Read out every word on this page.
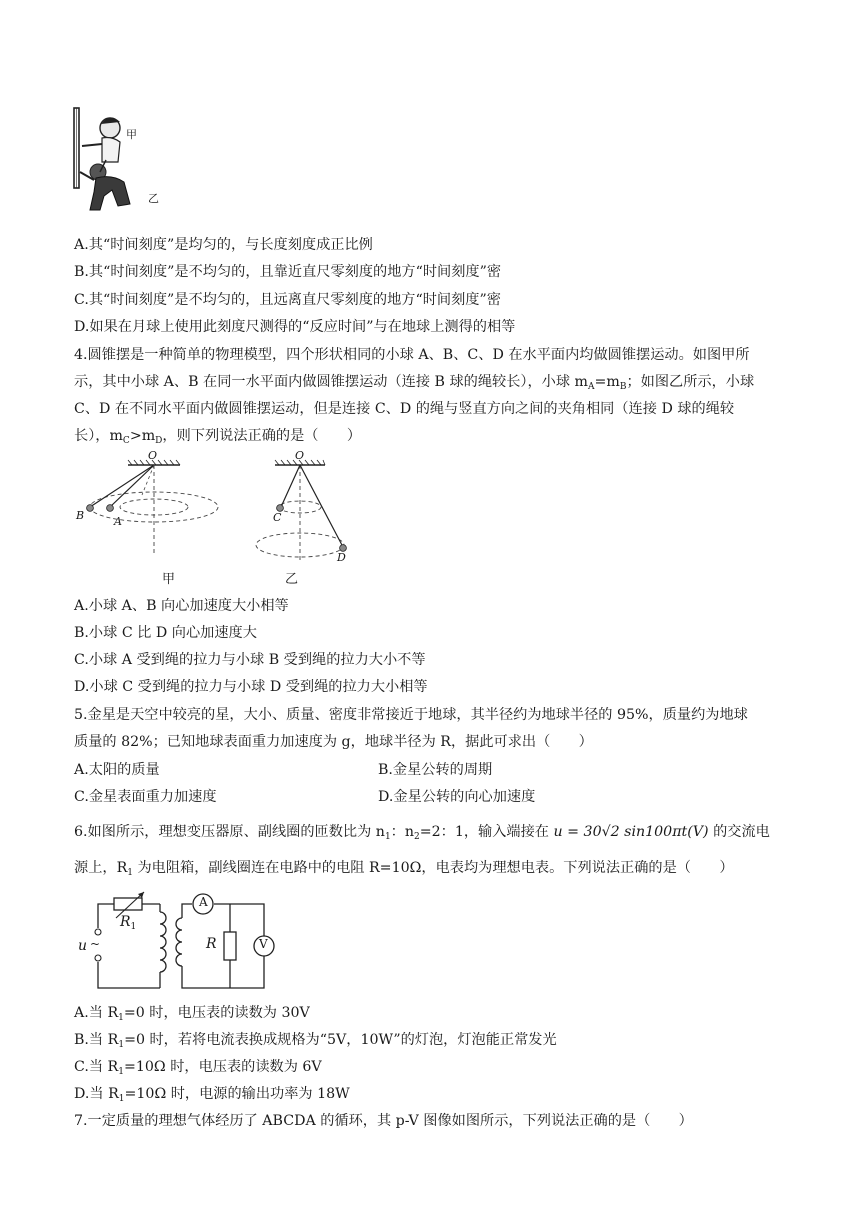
甲
乙
A.其“时间刻度”是均匀的，与长度刻度成正比例
B.其“时间刻度”是不均匀的，且靠近直尺零刻度的地方“时间刻度”密
C.其“时间刻度”是不均匀的，且远离直尺零刻度的地方“时间刻度”密
D.如果在月球上使用此刻度尺测得的“反应时间”与在地球上测得的相等
4.圆锥摆是一种简单的物理模型，四个形状相同的小球 A、B、C、D 在水平面内均做圆锥摆运动。如图甲所
示，其中小球 A、B 在同一水平面内做圆锥摆运动（连接 B 球的绳较长），小球 $m_A=m_B$；如图乙所示，小球
C、D 在不同水平面内做圆锥摆运动，但是连接 C、D 的绳与竖直方向之间的夹角相同（连接 D 球的绳较
长），$m_C>m_D$，则下列说法正确的是（　　）
O
B	A
甲
O
C
D
乙
A.小球 A、B 向心加速度大小相等
B.小球 C 比 D 向心加速度大
C.小球 A 受到绳的拉力与小球 B 受到绳的拉力大小不等
D.小球 C 受到绳的拉力与小球 D 受到绳的拉力大小相等
5.金星是天空中较亮的星，大小、质量、密度非常接近于地球，其半径约为地球半径的 95%，质量约为地球
质量的 82%；已知地球表面重力加速度为 g，地球半径为 R，据此可求出（　　）
A.太阳的质量	B.金星公转的周期
C.金星表面重力加速度	D.金星公转的向心加速度
6.如图所示，理想变压器原、副线圈的匝数比为 $n_1$：$n_2=2$：1，输入端接在 u = 30√2 sin100πt(V) 的交流电
源上，$R_1$ 为电阻箱，副线圈连在电路中的电阻 R=10Ω，电表均为理想电表。下列说法正确的是（　　）
$R_1$
u ~	R
A
V
A.当 $R_1=0$ 时，电压表的读数为 30V
B.当 $R_1=0$ 时，若将电流表换成规格为“5V，10W”的灯泡，灯泡能正常发光
C.当 $R_1=10\Omega$ 时，电压表的读数为 6V
D.当 $R_1=10\Omega$ 时，电源的输出功率为 18W
7.一定质量的理想气体经历了 ABCDA 的循环，其 p-V 图像如图所示，下列说法正确的是（　　）
